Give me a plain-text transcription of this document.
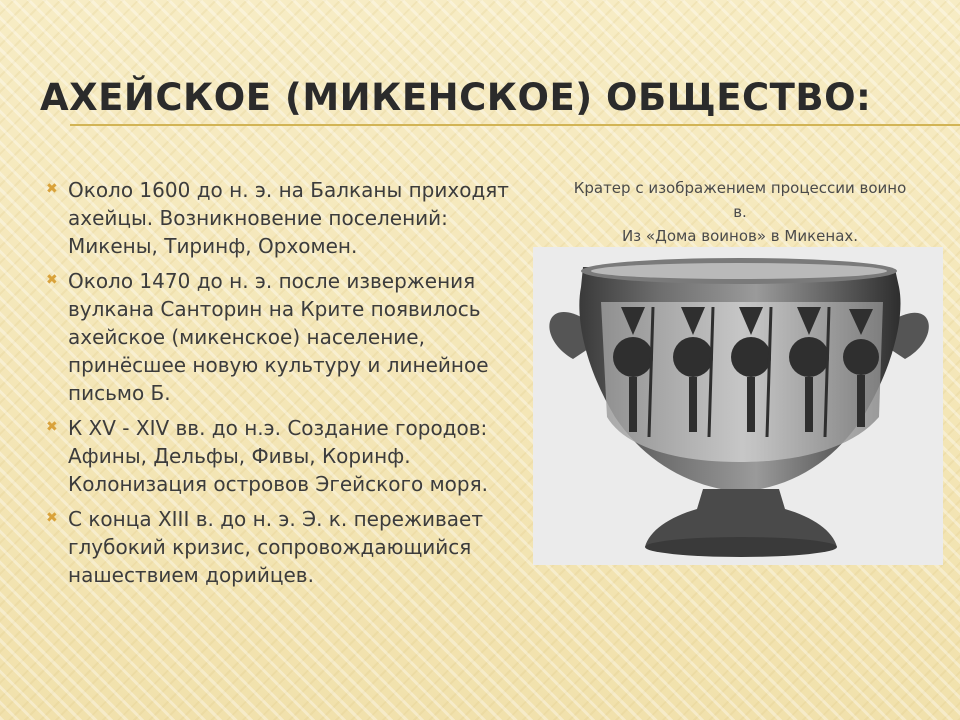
АХЕЙСКОЕ (МИКЕНСКОЕ) ОБЩЕСТВО:
✖ Около 1600 до н. э. на Балканы приходят ахейцы. Возникновение поселений: Микены, Тиринф, Орхомен.
✖ Около 1470 до н. э. после извержения вулкана Санторин на Крите появилось ахейское (микенское) население, принёсшее новую культуру и линейное письмо Б.
✖ К XV - XIV вв. до н.э. Создание городов: Афины, Дельфы, Фивы, Коринф. Колонизация островов Эгейского моря.
✖ С конца XIII в. до н. э. Э. к. переживает глубокий кризис, сопровождающийся нашествием дорийцев.
Кратер с изображением процессии воино
в.
Из «Дома воинов» в Микенах.
